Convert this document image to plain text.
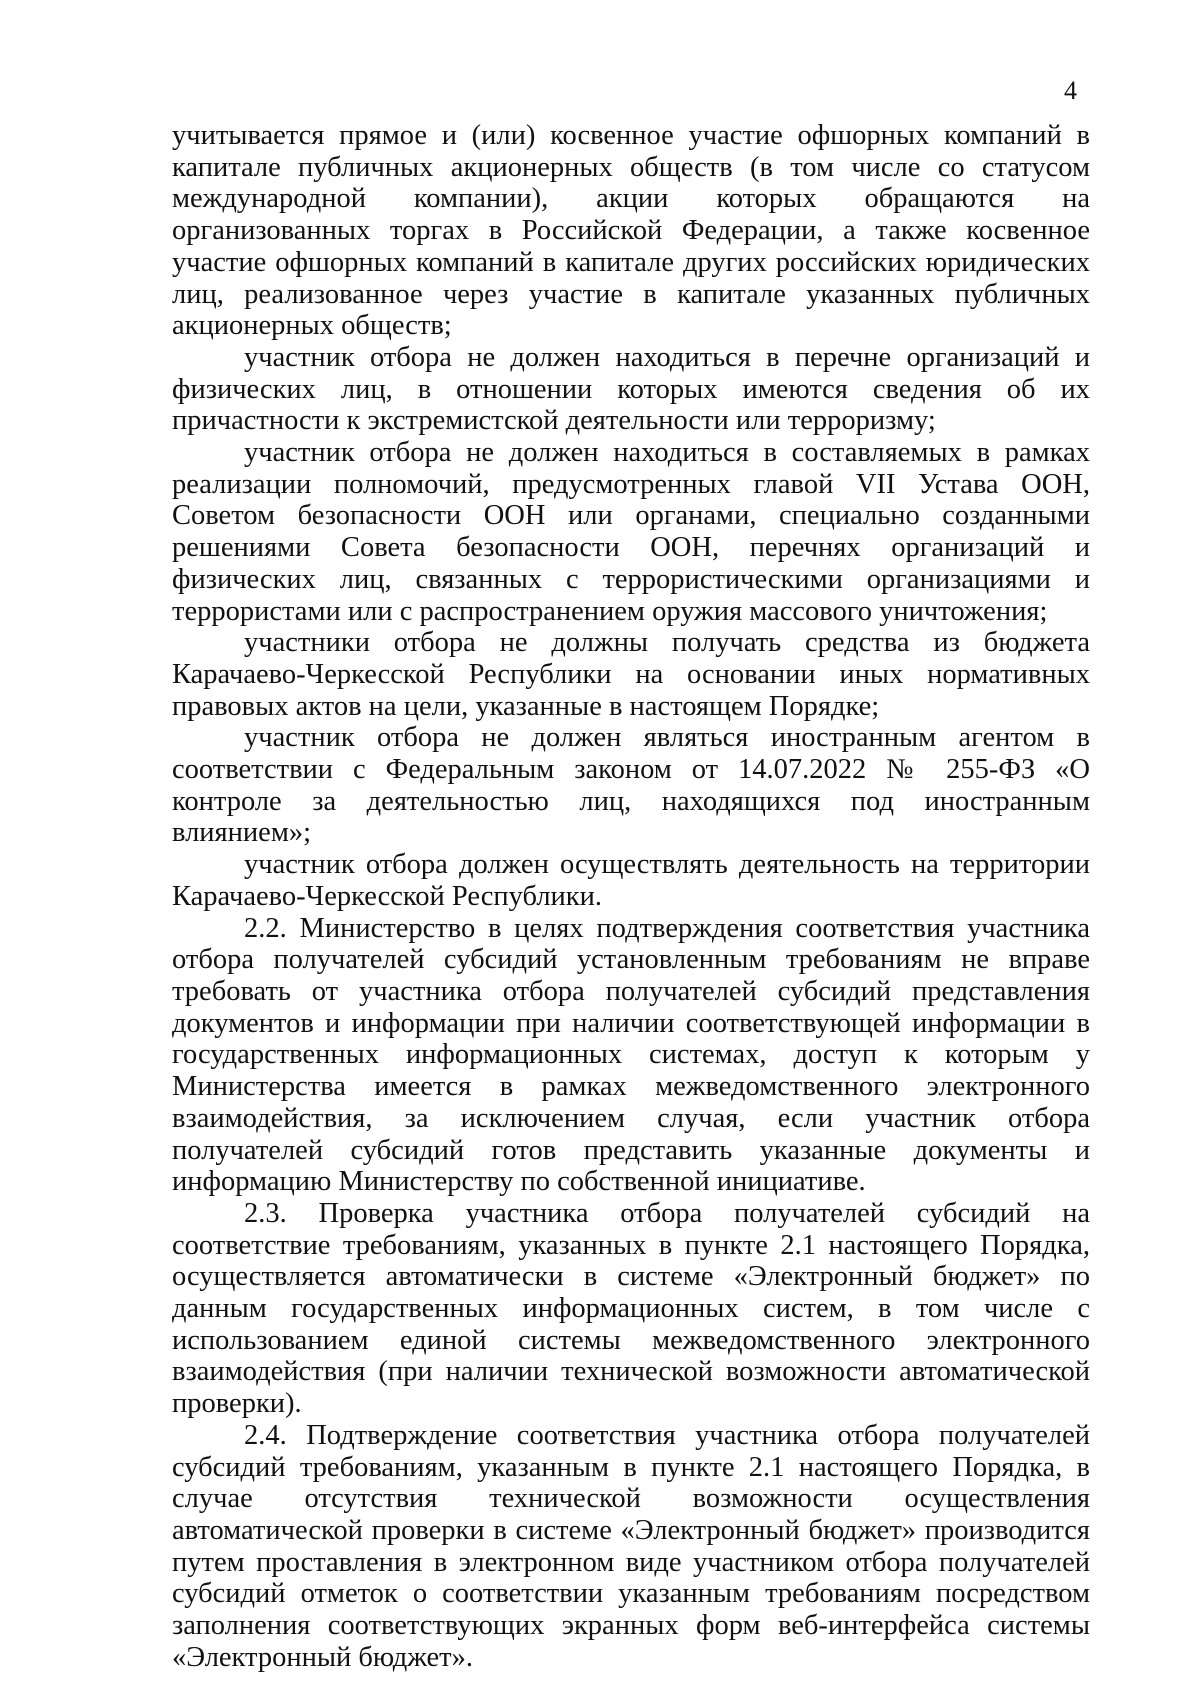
4

учитывается прямое и (или) косвенное участие офшорных компаний в капитале публичных акционерных обществ (в том числе со статусом международной компании), акции которых обращаются на организованных торгах в Российской Федерации, а также косвенное участие офшорных компаний в капитале других российских юридических лиц, реализованное через участие в капитале указанных публичных акционерных обществ;

участник отбора не должен находиться в перечне организаций и физических лиц, в отношении которых имеются сведения об их причастности к экстремистской деятельности или терроризму;

участник отбора не должен находиться в составляемых в рамках реализации полномочий, предусмотренных главой VII Устава ООН, Советом безопасности ООН или органами, специально созданными решениями Совета безопасности ООН, перечнях организаций и физических лиц, связанных с террористическими организациями и террористами или с распространением оружия массового уничтожения;

участники отбора не должны получать средства из бюджета Карачаево-Черкесской Республики на основании иных нормативных правовых актов на цели, указанные в настоящем Порядке;

участник отбора не должен являться иностранным агентом в соответствии с Федеральным законом от 14.07.2022 № 255-ФЗ «О контроле за деятельностью лиц, находящихся под иностранным влиянием»;

участник отбора должен осуществлять деятельность на территории Карачаево-Черкесской Республики.

2.2. Министерство в целях подтверждения соответствия участника отбора получателей субсидий установленным требованиям не вправе требовать от участника отбора получателей субсидий представления документов и информации при наличии соответствующей информации в государственных информационных системах, доступ к которым у Министерства имеется в рамках межведомственного электронного взаимодействия, за исключением случая, если участник отбора получателей субсидий готов представить указанные документы и информацию Министерству по собственной инициативе.

2.3. Проверка участника отбора получателей субсидий на соответствие требованиям, указанных в пункте 2.1 настоящего Порядка, осуществляется автоматически в системе «Электронный бюджет» по данным государственных информационных систем, в том числе с использованием единой системы межведомственного электронного взаимодействия (при наличии технической возможности автоматической проверки).

2.4. Подтверждение соответствия участника отбора получателей субсидий требованиям, указанным в пункте 2.1 настоящего Порядка, в случае отсутствия технической возможности осуществления автоматической проверки в системе «Электронный бюджет» производится путем проставления в электронном виде участником отбора получателей субсидий отметок о соответствии указанным требованиям посредством заполнения соответствующих экранных форм веб-интерфейса системы «Электронный бюджет».
